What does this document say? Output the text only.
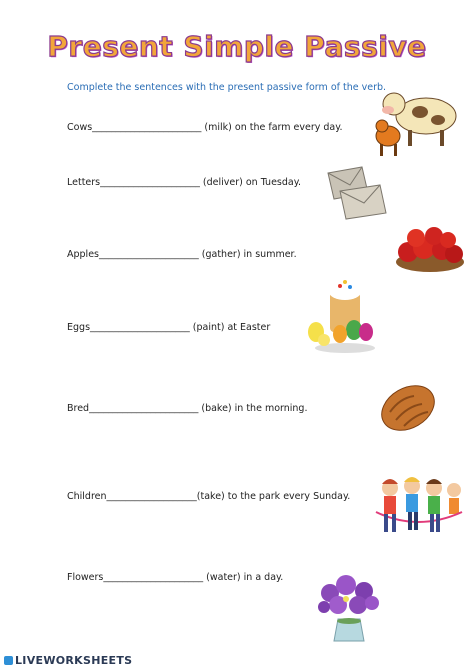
Present Simple Passive
Complete the sentences with the present passive form of the verb.
Cows_______________________ (milk) on the farm every day.
Letters_____________________ (deliver) on Tuesday.
Apples_____________________ (gather) in summer.
Eggs_____________________ (paint) at Easter
Bred_______________________ (bake) in the morning.
Children___________________(take) to the park every Sunday.
Flowers_____________________ (water) in a day.
LIVEWORKSHEETS
